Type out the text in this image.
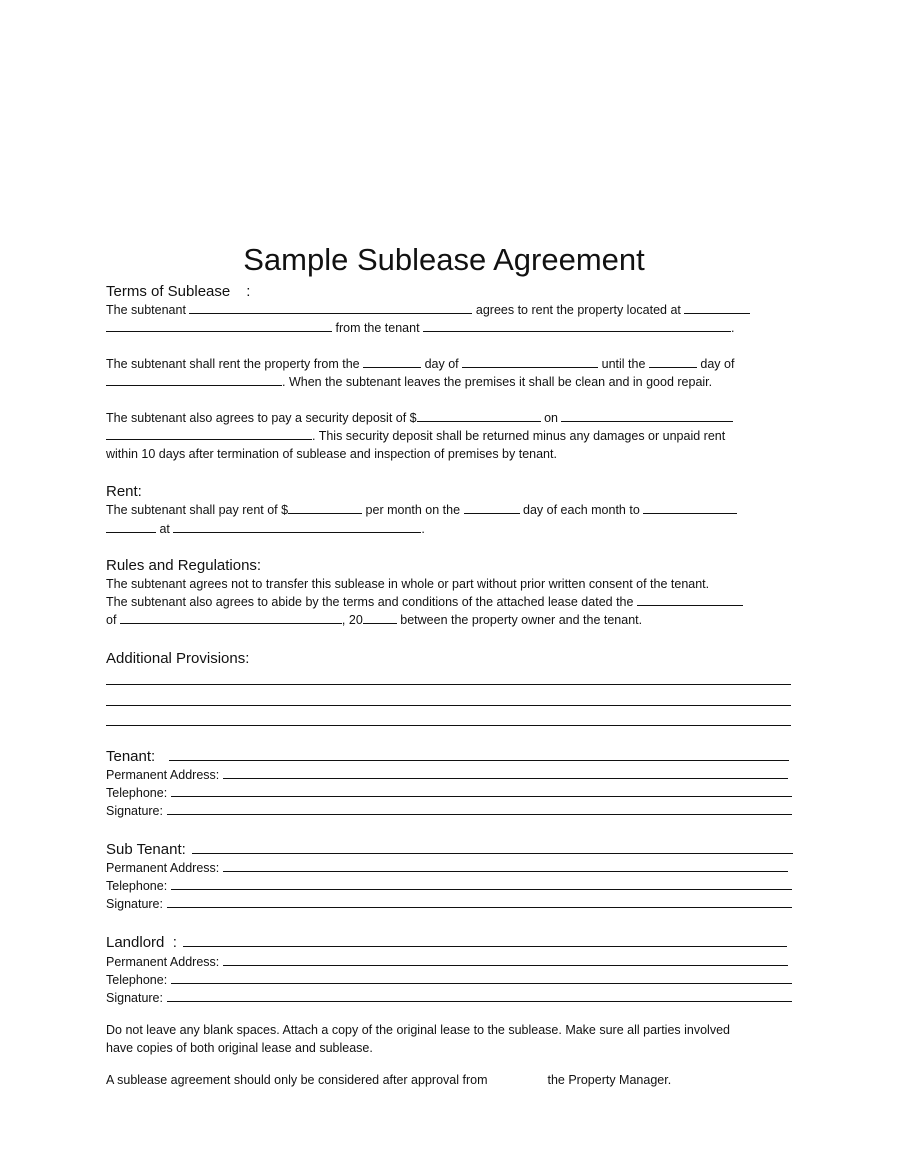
Sample Sublease Agreement
Terms of Sublease :
The subtenant	agrees to rent the property located at
from the tenant	.
The subtenant shall rent the property from the	day of	until the	day of
. When the subtenant leaves the premises it shall be clean and in good repair.
The subtenant also agrees to pay a security deposit of $	on
. This security deposit shall be returned minus any damages or unpaid rent
within 10 days after termination of sublease and inspection of premises by tenant.
Rent:
The subtenant shall pay rent of $	per month on the	day of each month to
at	.
Rules and Regulations:
The subtenant agrees not to transfer this sublease in whole or part without prior written consent of the tenant.
The subtenant also agrees to abide by the terms and conditions of the attached lease dated the
of	, 20	between the property owner and the tenant.
Additional Provisions:
Tenant:
Permanent Address:
Telephone:
Signature:
Sub Tenant:
Permanent Address:
Telephone:
Signature:
Landlord  :
Permanent Address:
Telephone:
Signature:
Do not leave any blank spaces. Attach a copy of the original lease to the sublease. Make sure all parties involved
have copies of both original lease and sublease.
A sublease agreement should only be considered after approval from	the Property Manager.
